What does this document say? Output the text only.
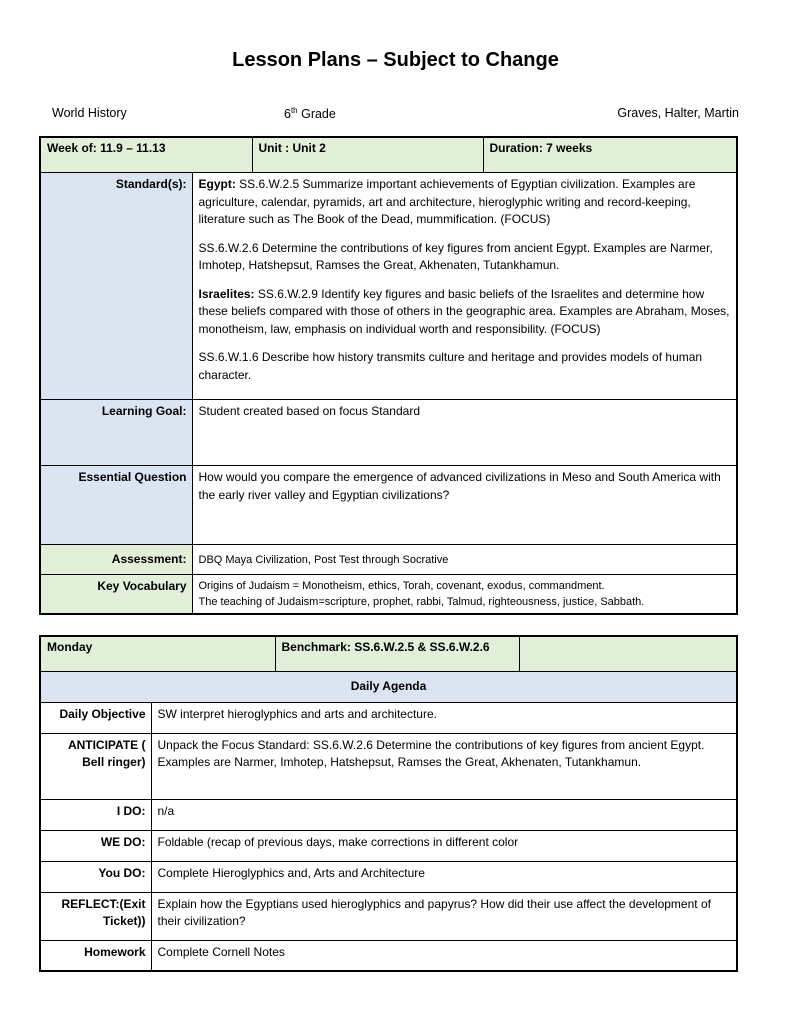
Lesson Plans – Subject to Change
World History	6th Grade	Graves, Halter, Martin
Week of: 11.9 – 11.13		Unit : Unit 2	Duration: 7 weeks
Standard(s):	Egypt: SS.6.W.2.5 Summarize important achievements of Egyptian civilization. Examples are agriculture, calendar, pyramids, art and architecture, hieroglyphic writing and record-keeping, literature such as The Book of the Dead, mummification. (FOCUS)

SS.6.W.2.6 Determine the contributions of key figures from ancient Egypt. Examples are Narmer, Imhotep, Hatshepsut, Ramses the Great, Akhenaten, Tutankhamun.

Israelites: SS.6.W.2.9 Identify key figures and basic beliefs of the Israelites and determine how these beliefs compared with those of others in the geographic area. Examples are Abraham, Moses, monotheism, law, emphasis on individual worth and responsibility. (FOCUS)

SS.6.W.1.6 Describe how history transmits culture and heritage and provides models of human character.		

Learning Goal:	Student created based on focus Standard		
Essential Question	How would you compare the emergence of advanced civilizations in Meso and South America with the early river valley and Egyptian civilizations?		
Assessment:	DBQ Maya Civilization, Post Test through Socrative		
Key Vocabulary	Origins of Judaism = Monotheism, ethics, Torah, covenant, exodus, commandment.
The teaching of Judaism=scripture, prophet, rabbi, Talmud, righteousness, justice, Sabbath.		
Monday		Benchmark: SS.6.W.2.5 & SS.6.W.2.6	
Daily Agenda			
Daily Objective	SW interpret hieroglyphics and arts and architecture.		
ANTICIPATE ( Bell ringer)	Unpack the Focus Standard: SS.6.W.2.6 Determine the contributions of key figures from ancient Egypt. Examples are Narmer, Imhotep, Hatshepsut, Ramses the Great, Akhenaten, Tutankhamun.		
I DO:	n/a		
WE DO:	Foldable (recap of previous days, make corrections in different color		
You DO:	Complete Hieroglyphics and, Arts and Architecture		
REFLECT:(Exit Ticket))	Explain how the Egyptians used hieroglyphics and papyrus? How did their use affect the development of their civilization?		
Homework	Complete Cornell Notes		
